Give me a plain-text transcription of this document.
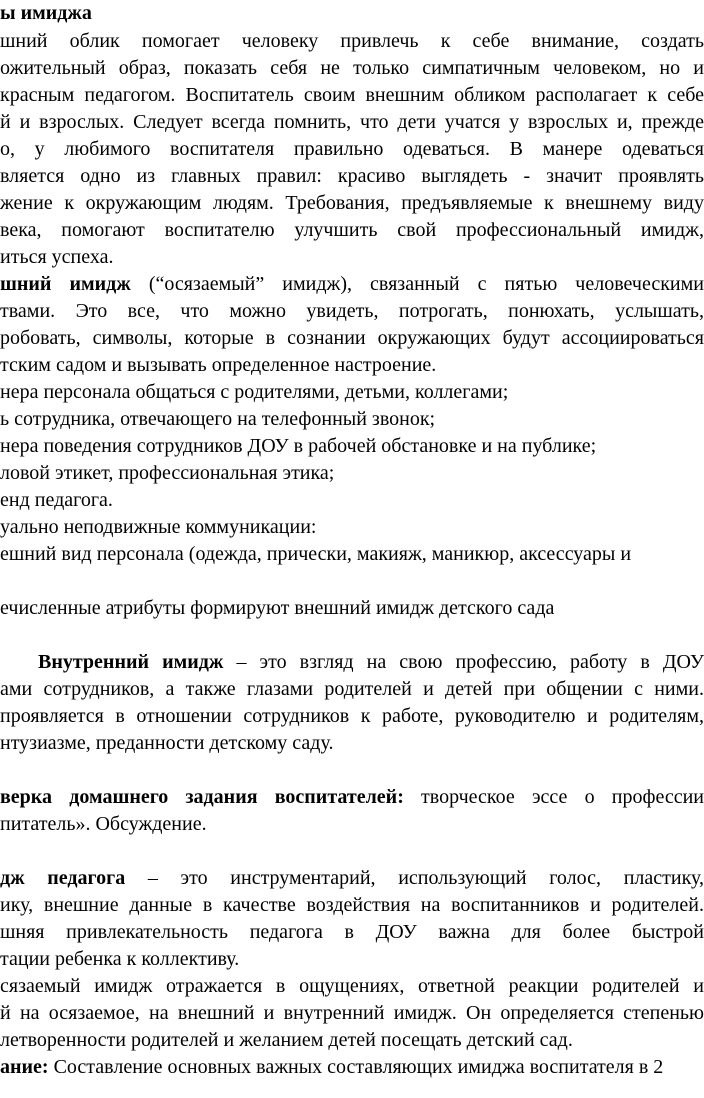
ы имиджа
шний облик помогает человеку привлечь к себе внимание, создать
ожительный образ, показать себя не только симпатичным человеком, но и
красным педагогом. Воспитатель своим внешним обликом располагает к себе
й и взрослых. Следует всегда помнить, что дети учатся у взрослых и, прежде
о, у любимого воспитателя правильно одеваться. В манере одеваться
вляется одно из главных правил: красиво выглядеть - значит проявлять
жение к окружающим людям. Требования, предъявляемые к внешнему виду
века, помогают воспитателю улучшить свой профессиональный имидж,
иться успеха.
шний имидж (“осязаемый” имидж), связанный с пятью человеческими
твами. Это все, что можно увидеть, потрогать, понюхать, услышать,
робовать, символы, которые в сознании окружающих будут ассоциироваться
тским садом и вызывать определенное настроение.
нера персонала общаться с родителями, детьми, коллегами;
ь сотрудника, отвечающего на телефонный звонок;
нера поведения сотрудников ДОУ в рабочей обстановке и на публике;
ловой этикет, профессиональная этика;
енд педагога.
уально неподвижные коммуникации:
ешний вид персонала (одежда, прически, макияж, маникюр, аксессуары и
ечисленные атрибуты формируют внешний имидж детского сада
Внутренний имидж – это взгляд на свою профессию, работу в ДОУ
ами сотрудников, а также глазами родителей и детей при общении с ними.
проявляется в отношении сотрудников к работе, руководителю и родителям,
нтузиазме, преданности детскому саду.
верка домашнего задания воспитателей: творческое эссе о профессии
питатель». Обсуждение.
дж педагога – это инструментарий, использующий голос, пластику,
ику, внешние данные в качестве воздействия на воспитанников и родителей.
шняя привлекательность педагога в ДОУ важна для более быстрой
тации ребенка к коллективу.
сязаемый имидж отражается в ощущениях, ответной реакции родителей и
й на осязаемое, на внешний и внутренний имидж. Он определяется степенью
летворенности родителей и желанием детей посещать детский сад.
ание: Составление основных важных составляющих имиджа воспитателя в 2
